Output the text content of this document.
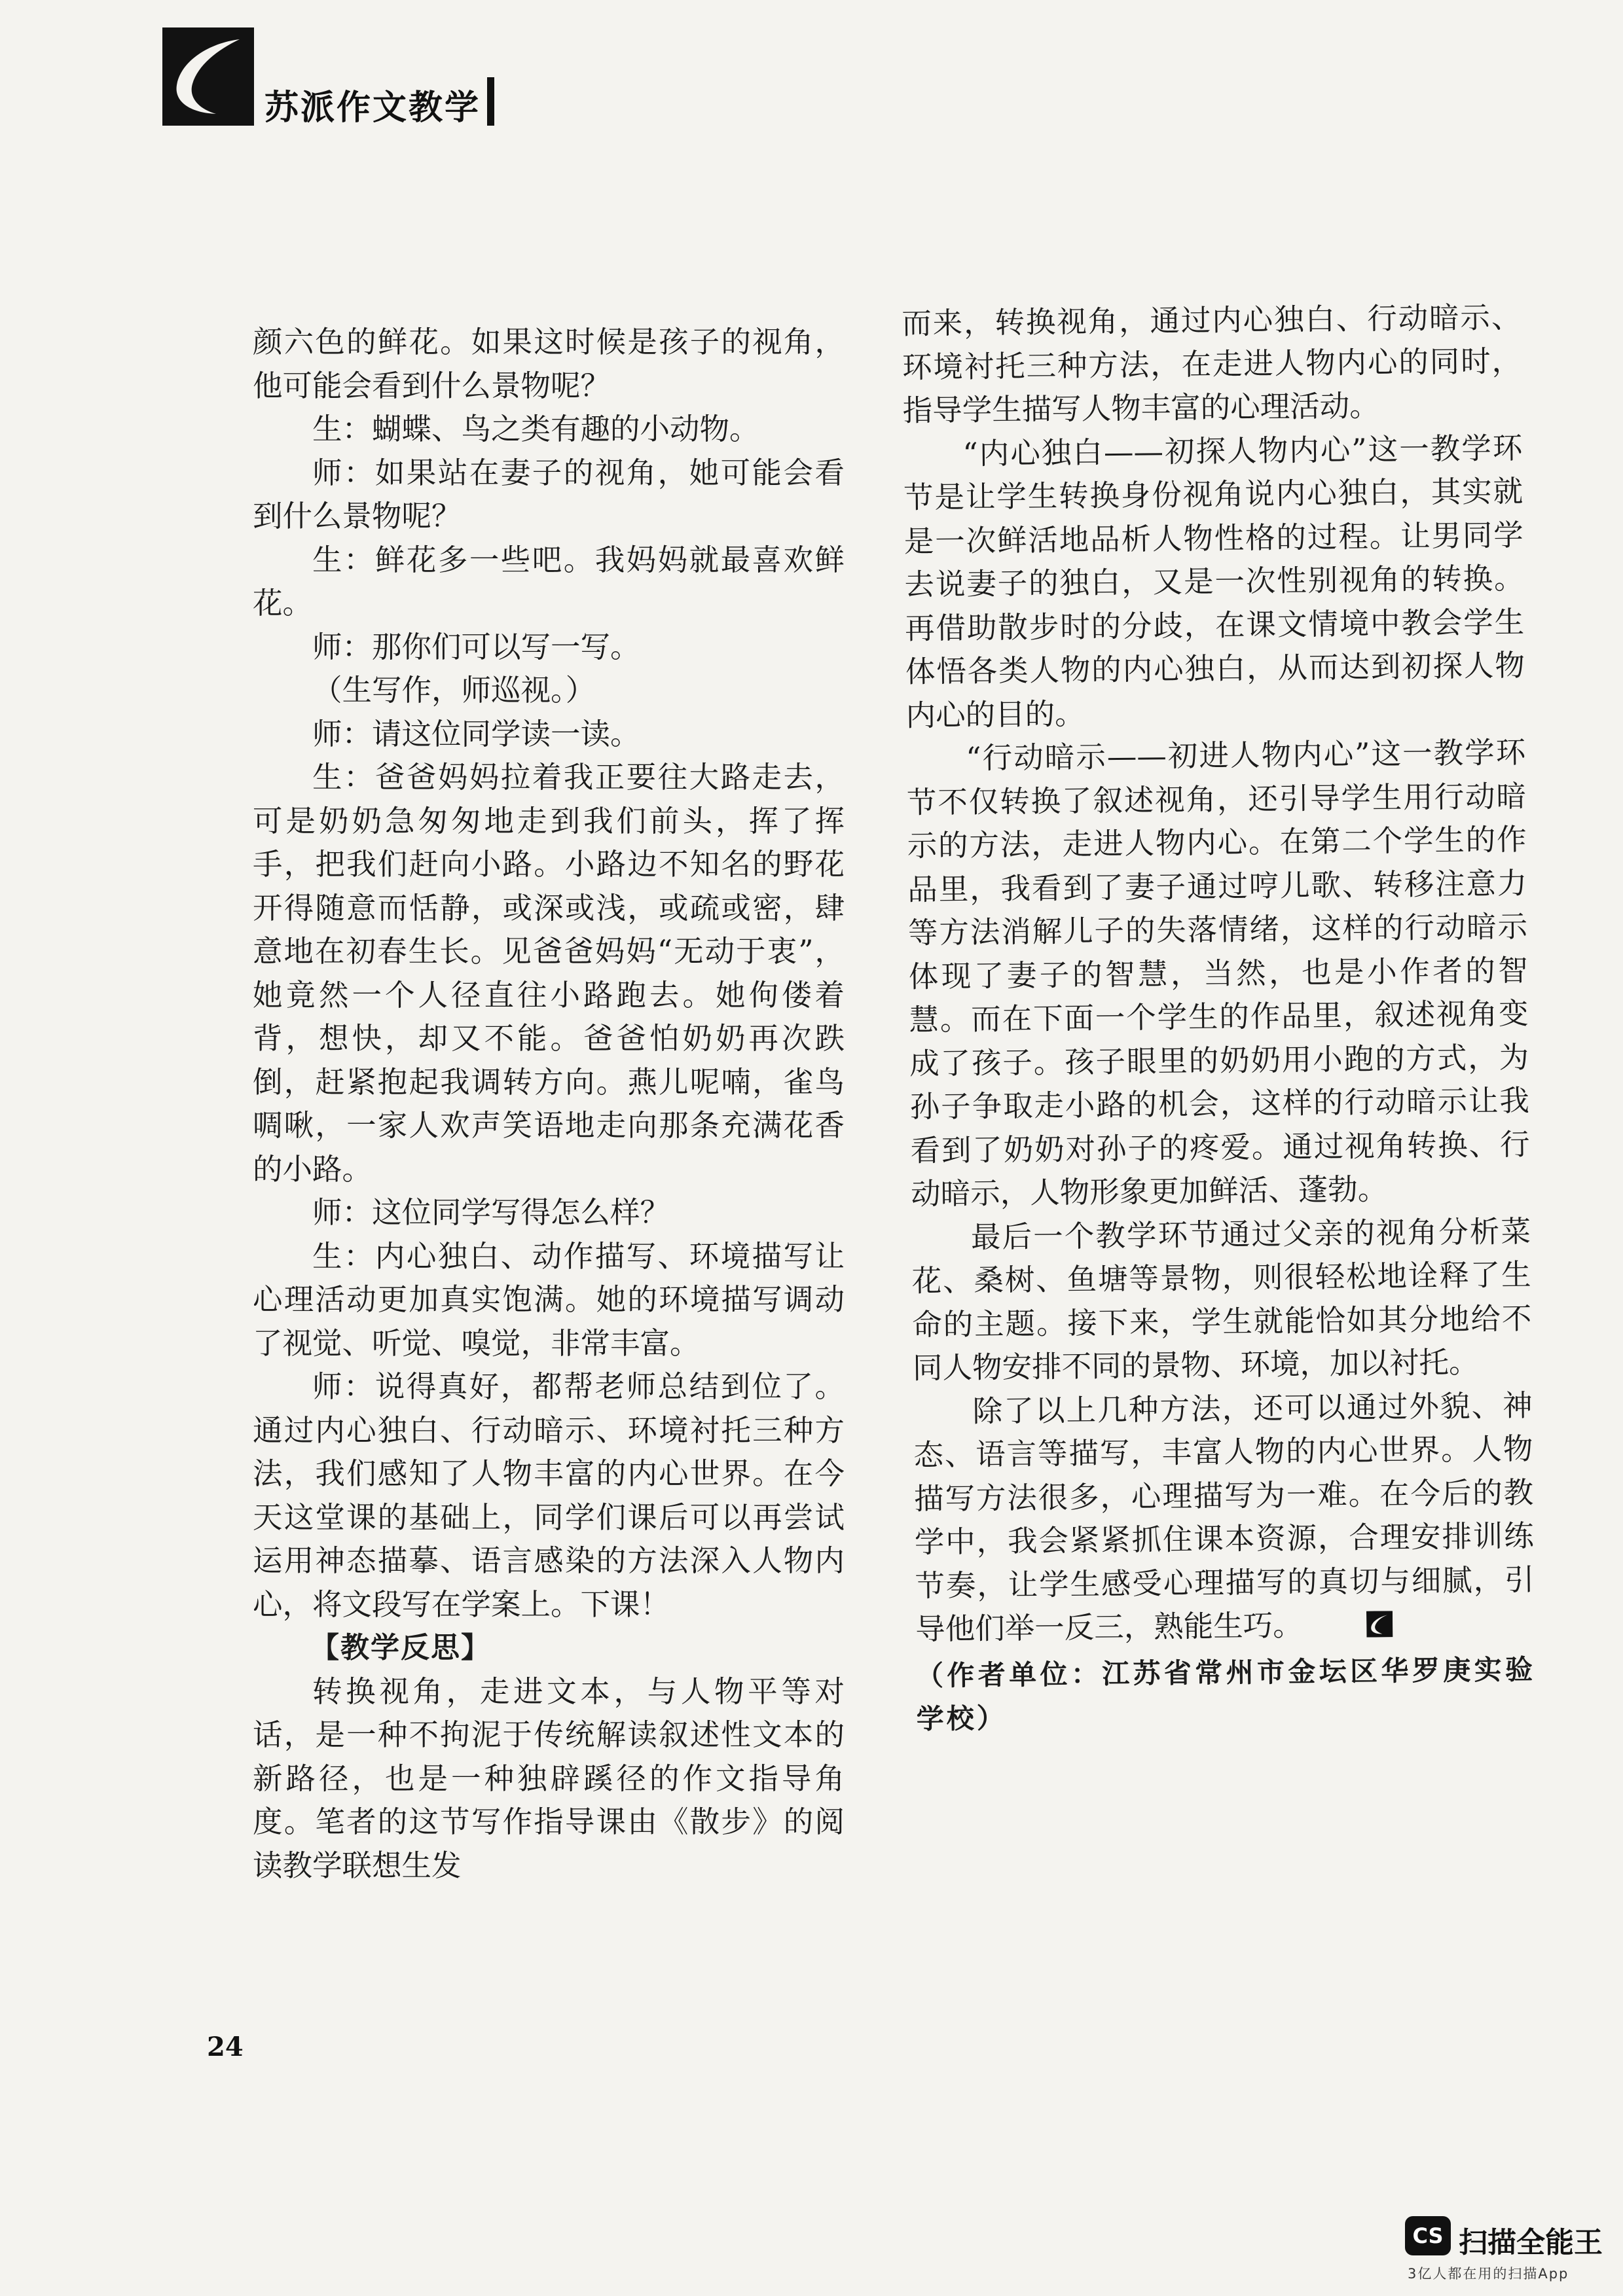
苏派作文教学

颜六色的鲜花。如果这时候是孩子的视角，他可能会看到什么景物呢？

生：蝴蝶、鸟之类有趣的小动物。

师：如果站在妻子的视角，她可能会看到什么景物呢？

生：鲜花多一些吧。我妈妈就最喜欢鲜花。

师：那你们可以写一写。

（生写作，师巡视。）

师：请这位同学读一读。

生：爸爸妈妈拉着我正要往大路走去，可是奶奶急匆匆地走到我们前头，挥了挥手，把我们赶向小路。小路边不知名的野花开得随意而恬静，或深或浅，或疏或密，肆意地在初春生长。见爸爸妈妈“无动于衷”，她竟然一个人径直往小路跑去。她佝偻着背，想快，却又不能。爸爸怕奶奶再次跌倒，赶紧抱起我调转方向。燕儿呢喃，雀鸟啁啾，一家人欢声笑语地走向那条充满花香的小路。

师：这位同学写得怎么样？

生：内心独白、动作描写、环境描写让心理活动更加真实饱满。她的环境描写调动了视觉、听觉、嗅觉，非常丰富。

师：说得真好，都帮老师总结到位了。通过内心独白、行动暗示、环境衬托三种方法，我们感知了人物丰富的内心世界。在今天这堂课的基础上，同学们课后可以再尝试运用神态描摹、语言感染的方法深入人物内心，将文段写在学案上。下课！

【教学反思】

转换视角，走进文本，与人物平等对话，是一种不拘泥于传统解读叙述性文本的新路径，也是一种独辟蹊径的作文指导角度。笔者的这节写作指导课由《散步》的阅读教学联想生发

而来，转换视角，通过内心独白、行动暗示、环境衬托三种方法，在走进人物内心的同时，指导学生描写人物丰富的心理活动。

“内心独白——初探人物内心”这一教学环节是让学生转换身份视角说内心独白，其实就是一次鲜活地品析人物性格的过程。让男同学去说妻子的独白，又是一次性别视角的转换。再借助散步时的分歧，在课文情境中教会学生体悟各类人物的内心独白，从而达到初探人物内心的目的。

“行动暗示——初进人物内心”这一教学环节不仅转换了叙述视角，还引导学生用行动暗示的方法，走进人物内心。在第二个学生的作品里，我看到了妻子通过哼儿歌、转移注意力等方法消解儿子的失落情绪，这样的行动暗示体现了妻子的智慧，当然，也是小作者的智慧。而在下面一个学生的作品里，叙述视角变成了孩子。孩子眼里的奶奶用小跑的方式，为孙子争取走小路的机会，这样的行动暗示让我看到了奶奶对孙子的疼爱。通过视角转换、行动暗示，人物形象更加鲜活、蓬勃。

最后一个教学环节通过父亲的视角分析菜花、桑树、鱼塘等景物，则很轻松地诠释了生命的主题。接下来，学生就能恰如其分地给不同人物安排不同的景物、环境，加以衬托。

除了以上几种方法，还可以通过外貌、神态、语言等描写，丰富人物的内心世界。人物描写方法很多，心理描写为一难。在今后的教学中，我会紧紧抓住课本资源，合理安排训练节奏，让学生感受心理描写的真切与细腻，引导他们举一反三，熟能生巧。

（作者单位：江苏省常州市金坛区华罗庚实验学校）

24
CS 扫描全能王
3亿人都在用的扫描App
